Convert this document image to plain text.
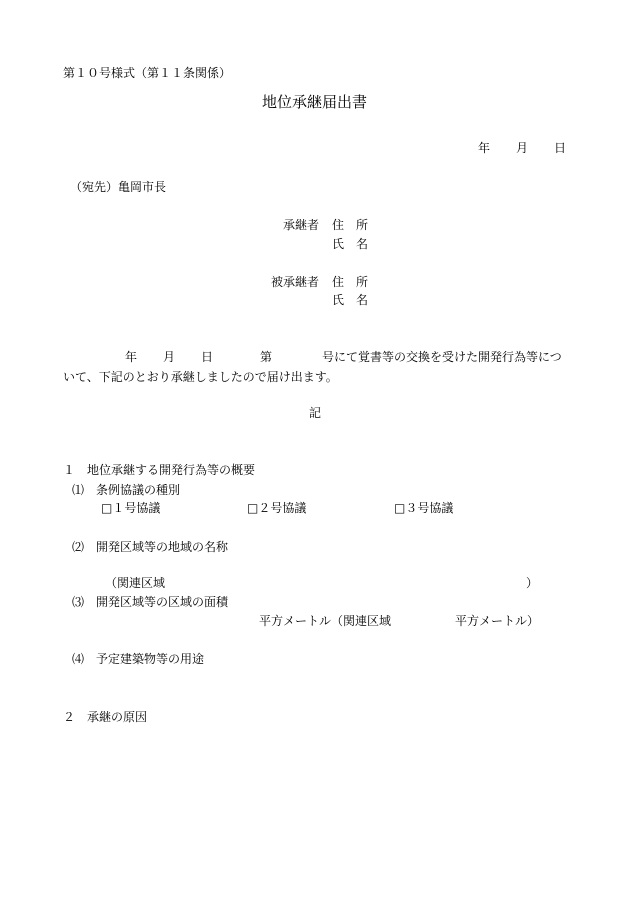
第１０号様式（第１１条関係）
地位承継届出書
年 月 日
（宛先）亀岡市長
承継者 住　所
氏　名
被承継者 住　所
氏　名
年 月 日	第	号にて覚書等の交換を受けた開発行為等につ
いて、下記のとおり承継しましたので届け出ます。
記
１　地位承継する開発行為等の概要
⑴　条例協議の種別
□１号協議	□２号協議	□３号協議
⑵　開発区域等の地域の名称
（関連区域	）
⑶　開発区域等の区域の面積
平方メートル（関連区域	平方メートル）
⑷　予定建築物等の用途
２　承継の原因
